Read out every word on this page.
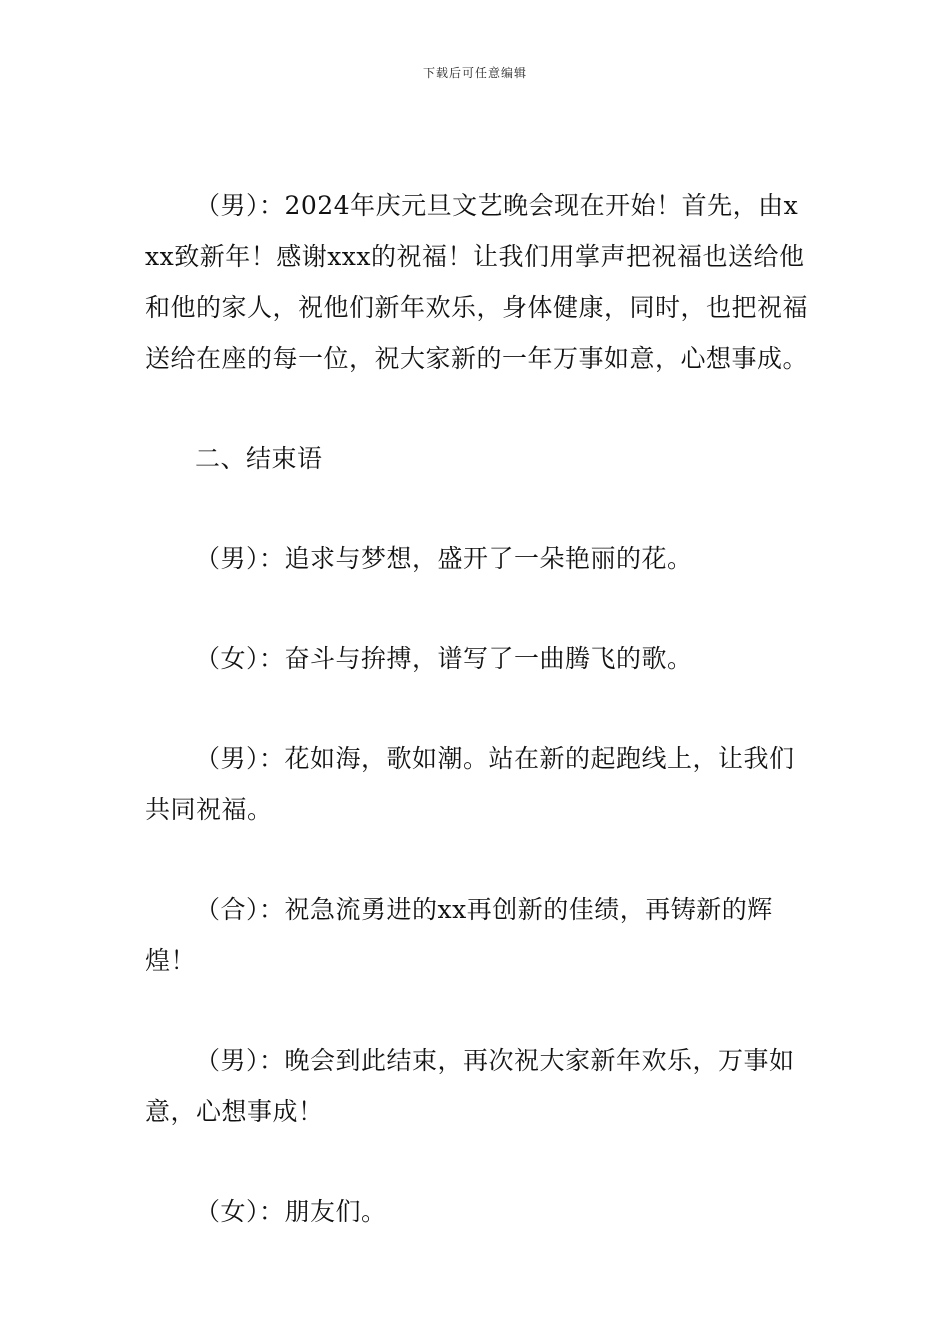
下载后可任意编辑

（男）：2024年庆元旦文艺晚会现在开始！首先，由xxx致新年！感谢xxx的祝福！让我们用掌声把祝福也送给他和他的家人，祝他们新年欢乐，身体健康，同时，也把祝福送给在座的每一位，祝大家新的一年万事如意，心想事成。

二、结束语

（男）：追求与梦想，盛开了一朵艳丽的花。

（女）：奋斗与拚搏，谱写了一曲腾飞的歌。

（男）：花如海，歌如潮。站在新的起跑线上，让我们共同祝福。

（合）：祝急流勇进的xx再创新的佳绩，再铸新的辉煌！

（男）：晚会到此结束，再次祝大家新年欢乐，万事如意，心想事成！

（女）：朋友们。
